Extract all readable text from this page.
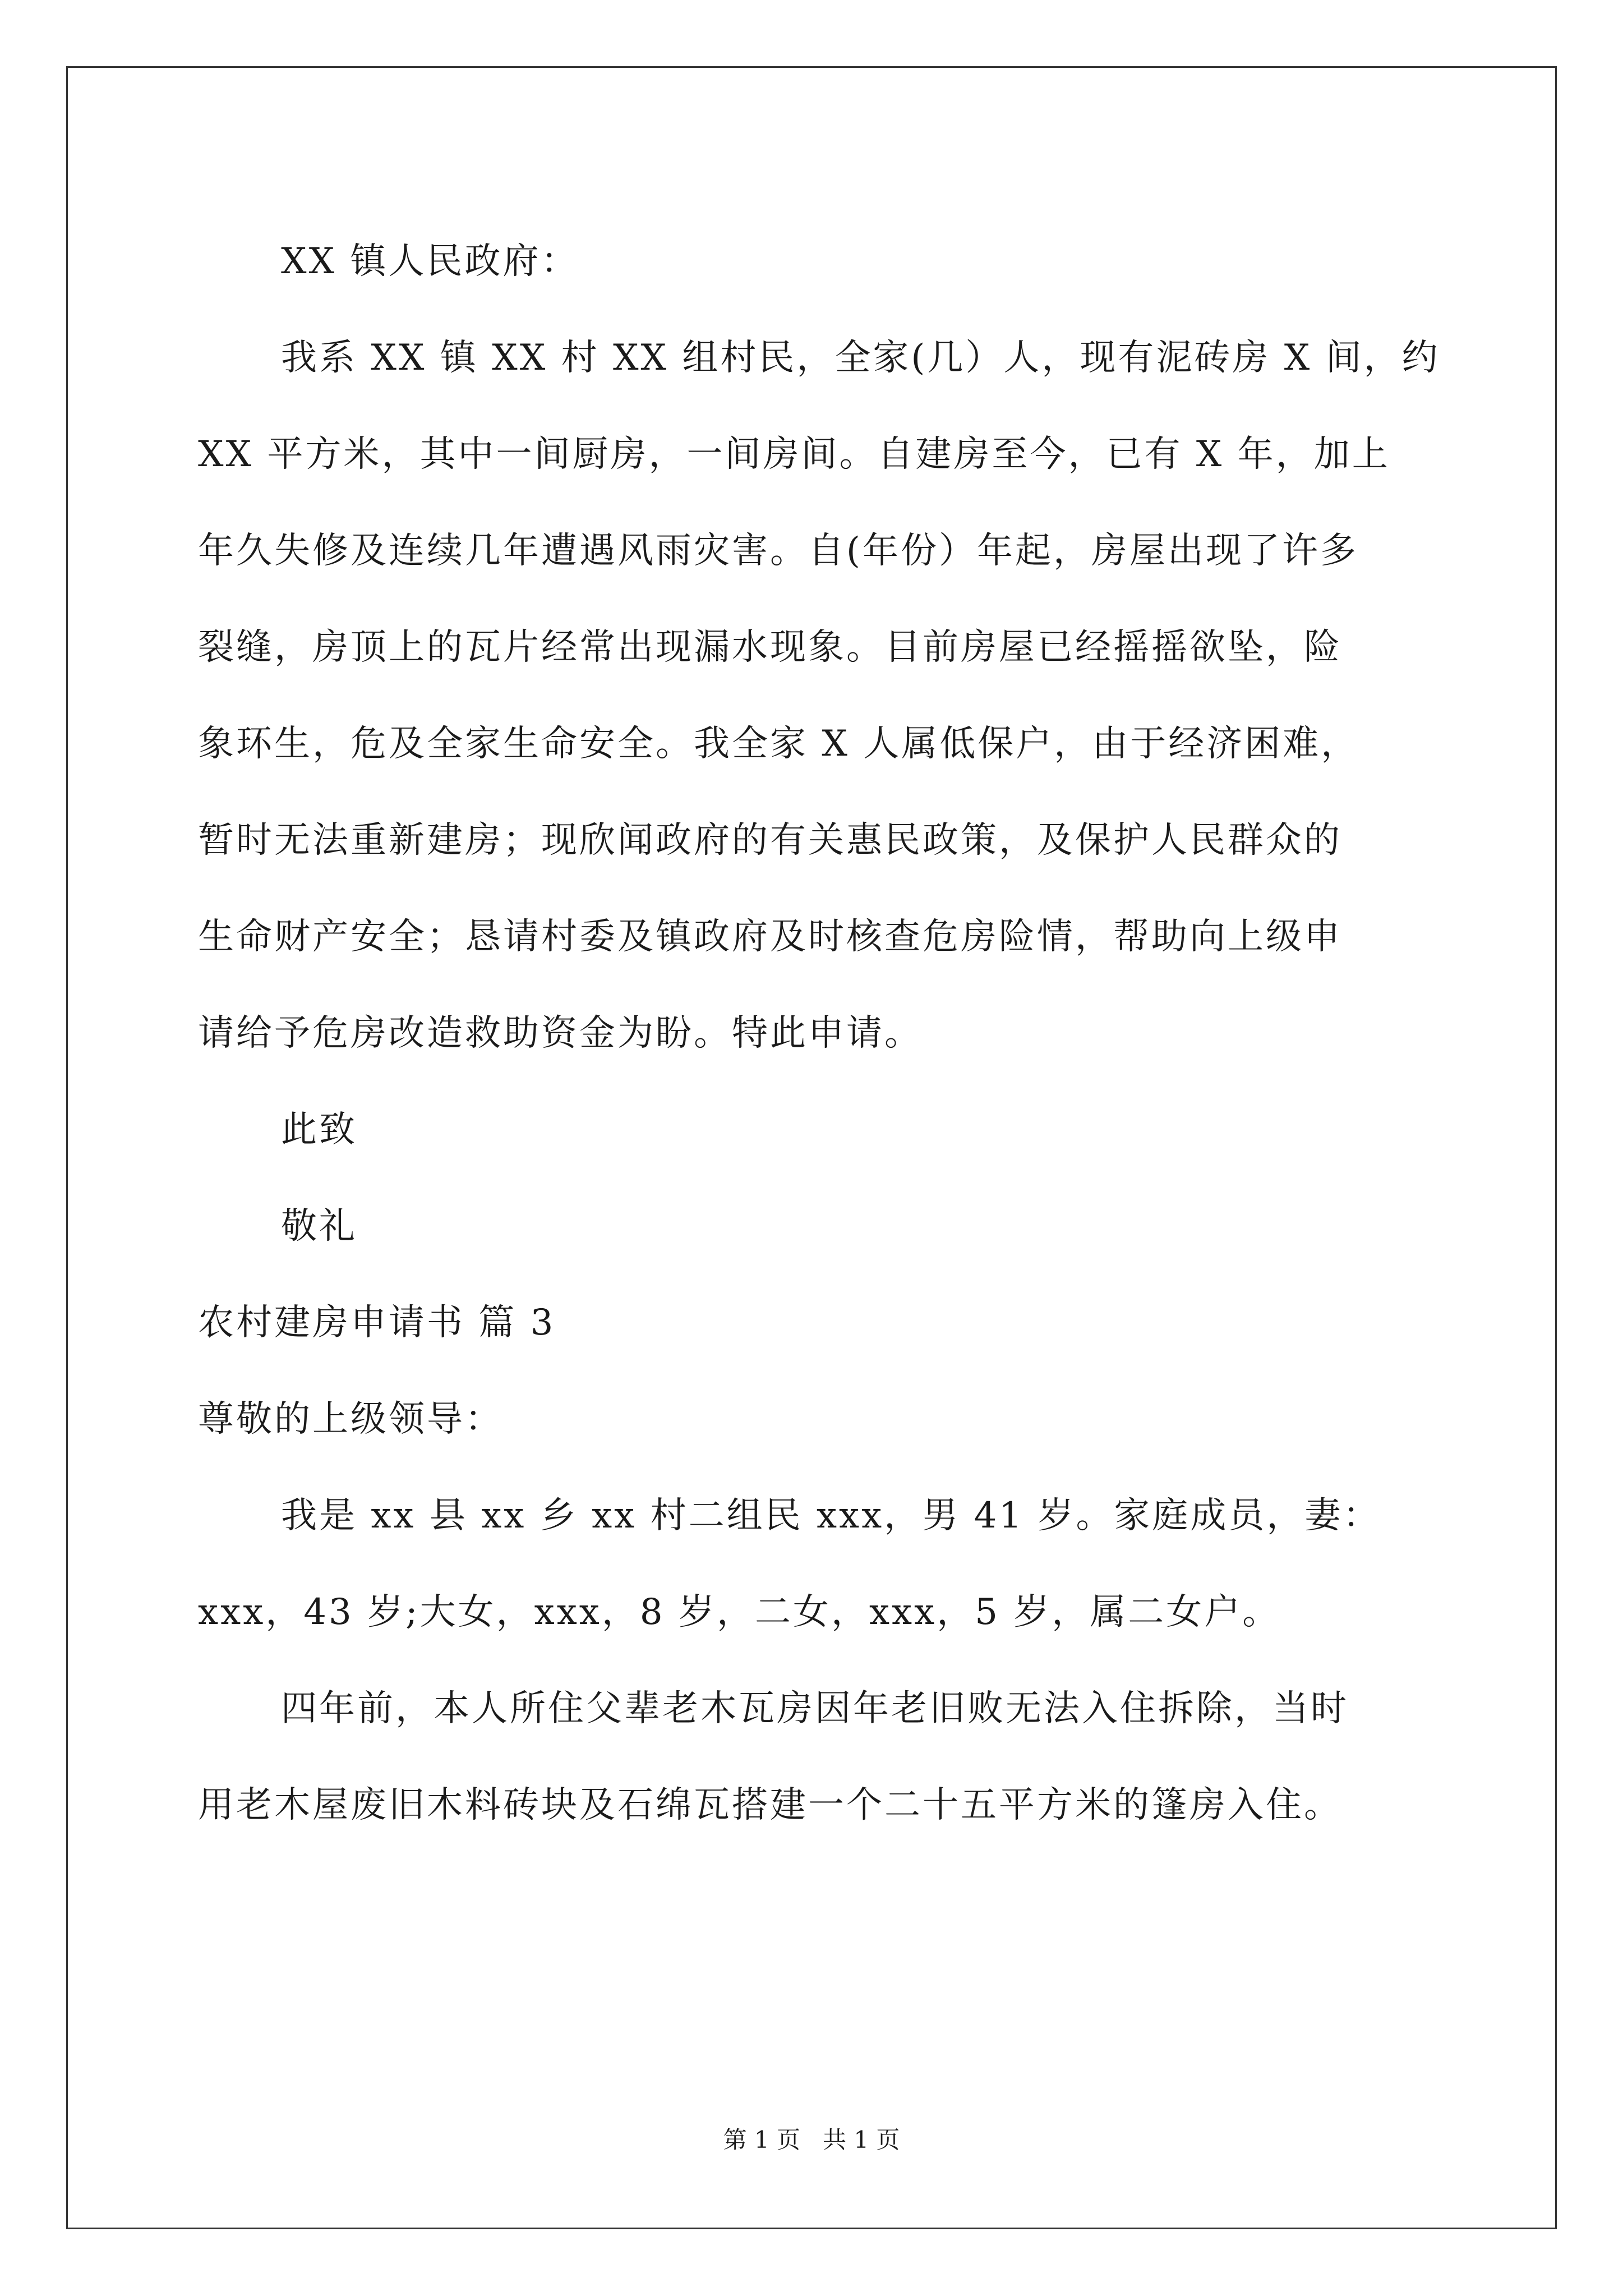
XX 镇人民政府：

我系 XX 镇 XX 村 XX 组村民，全家(几）人，现有泥砖房 X 间，约

XX 平方米，其中一间厨房，一间房间。自建房至今，已有 X 年，加上

年久失修及连续几年遭遇风雨灾害。自(年份）年起，房屋出现了许多

裂缝，房顶上的瓦片经常出现漏水现象。目前房屋已经摇摇欲坠，险

象环生，危及全家生命安全。我全家 X 人属低保户，由于经济困难，

暂时无法重新建房；现欣闻政府的有关惠民政策，及保护人民群众的

生命财产安全；恳请村委及镇政府及时核查危房险情，帮助向上级申

请给予危房改造救助资金为盼。特此申请。

此致

敬礼

农村建房申请书 篇 3

尊敬的上级领导：

我是 xx 县 xx 乡 xx 村二组民 xxx，男 41 岁。家庭成员，妻：

xxx，43 岁;大女，xxx，8 岁，二女，xxx，5 岁，属二女户。

四年前，本人所住父辈老木瓦房因年老旧败无法入住拆除，当时

用老木屋废旧木料砖块及石绵瓦搭建一个二十五平方米的篷房入住。

第 1 页 共 1 页
